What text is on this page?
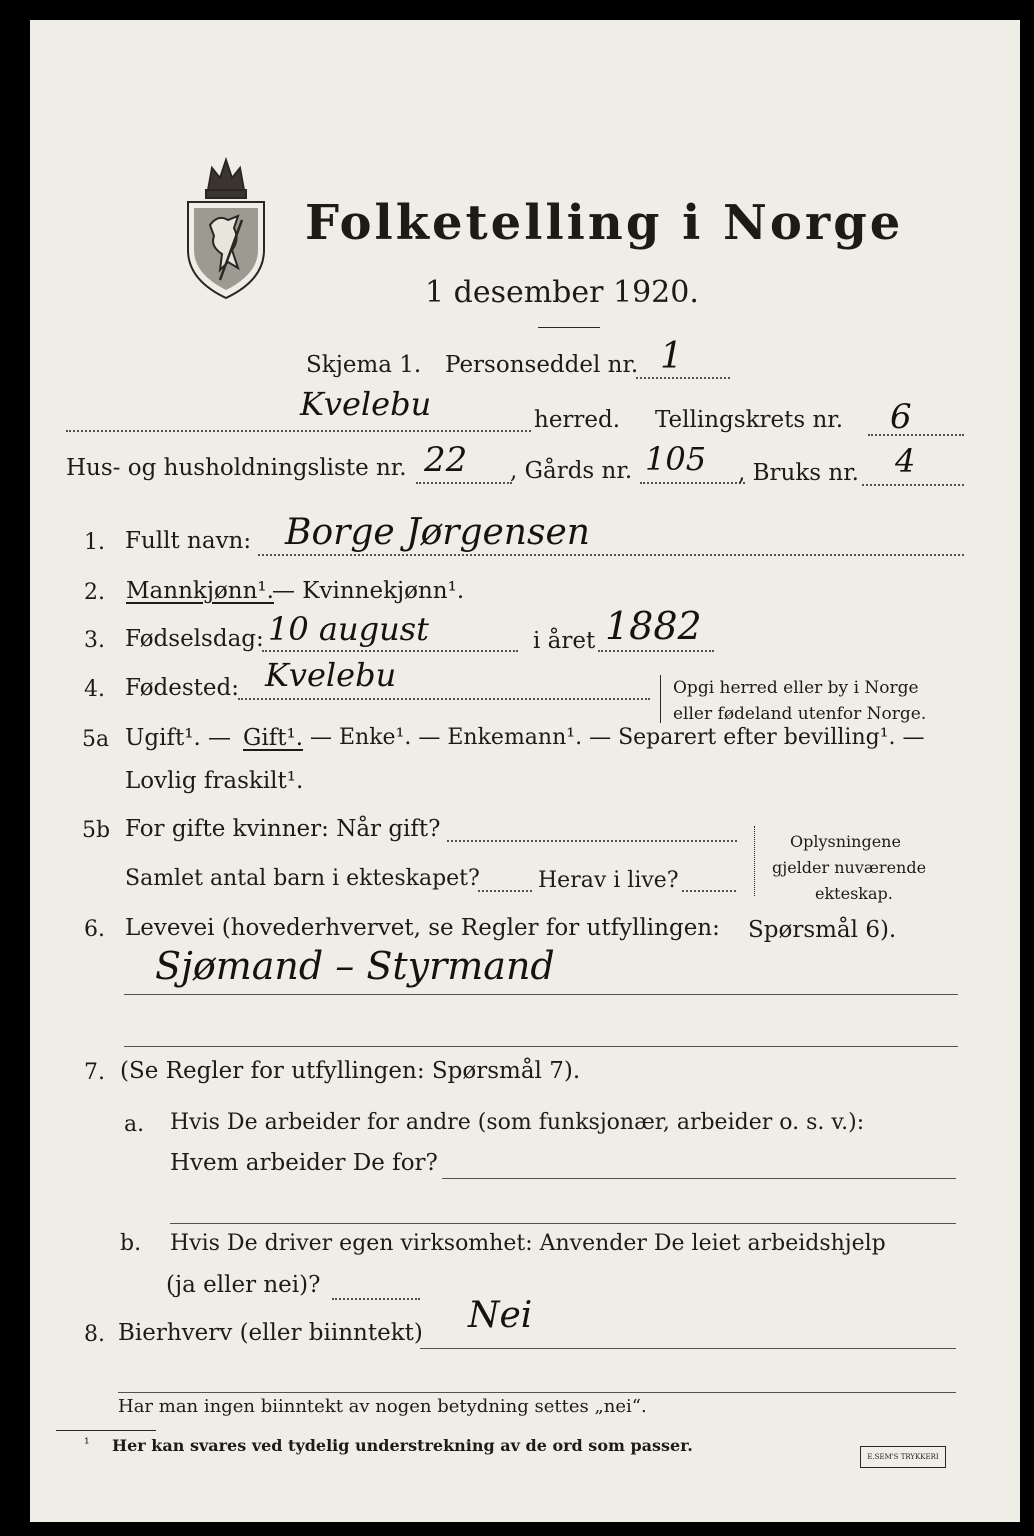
Folketelling i Norge
1 desember 1920.
Skjema 1. Personseddel nr. 1
Kvelebu	herred. Tellingskrets nr. 6
Hus- og husholdningsliste nr. 22 , Gårds nr. 105 , Bruks nr. 4
1. Fullt navn: Borge Jørgensen
2. Mannkjønn¹.
— Kvinnekjønn¹.
3. Fødselsdag: 10 august	i året 1882
4. Fødested: Kvelebu	Opgi herred eller by i Norge
eller fødeland utenfor Norge.
5a Ugift¹. — Gift¹. — Enke¹. — Enkemann¹. — Separert efter bevilling¹. —
Lovlig fraskilt¹.
5b For gifte kvinner: Når gift?
Samlet antal barn i ekteskapet?	Herav i live?
Oplysningene
gjelder nuværende
ekteskap.
6. Levevei (hovederhvervet, se Regler for utfyllingen: Spørsmål 6).
Sjømand – Styrmand
7. (Se Regler for utfyllingen: Spørsmål 7).
a. Hvis De arbeider for andre (som funksjonær, arbeider o. s. v.):
Hvem arbeider De for?
b. Hvis De driver egen virksomhet: Anvender De leiet arbeidshjelp
(ja eller nei)?
8. Bierhverv (eller biinntekt) Nei
Har man ingen biinntekt av nogen betydning settes „nei“.
¹ Her kan svares ved tydelig understrekning av de ord som passer.
E.SEM'S TRYKKERI
